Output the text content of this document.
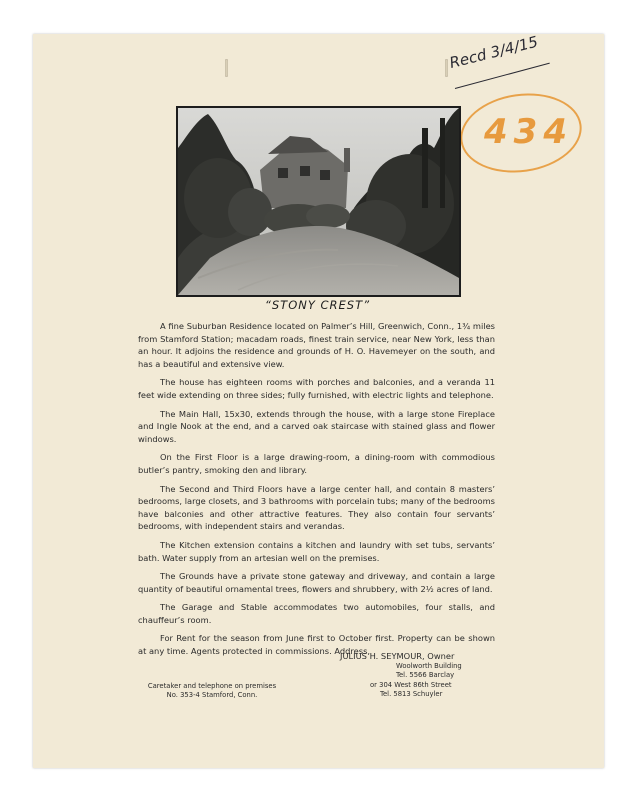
Recd 3/4/15
434
“STONY CREST”

A fine Suburban Residence located on Palmer’s Hill, Greenwich, Conn., 1¾ miles from Stamford Station; macadam roads, finest train service, near New York, less than an hour. It adjoins the residence and grounds of H. O. Havemeyer on the south, and has a beautiful and extensive view.

The house has eighteen rooms with porches and balconies, and a veranda 11 feet wide extending on three sides; fully furnished, with electric lights and telephone.

The Main Hall, 15x30, extends through the house, with a large stone Fireplace and Ingle Nook at the end, and a carved oak staircase with stained glass and flower windows.

On the First Floor is a large drawing-room, a dining-room with commodious butler’s pantry, smoking den and library.

The Second and Third Floors have a large center hall, and contain 8 masters’ bedrooms, large closets, and 3 bathrooms with porcelain tubs; many of the bedrooms have balconies and other attractive features. They also contain four servants’ bedrooms, with independent stairs and verandas.

The Kitchen extension contains a kitchen and laundry with set tubs, servants’ bath. Water supply from an artesian well on the premises.

The Grounds have a private stone gateway and driveway, and contain a large quantity of beautiful ornamental trees, flowers and shrubbery, with 2½ acres of land.

The Garage and Stable accommodates two automobiles, four stalls, and chauffeur’s room.

For Rent for the season from June first to October first. Property can be shown at any time. Agents protected in commissions. Address,

JULIUS H. SEYMOUR, Owner
Woolworth Building
Tel. 5566 Barclay
or 304 West 86th Street
Tel. 5813 Schuyler
Caretaker and telephone on premises
No. 353-4 Stamford, Conn.
